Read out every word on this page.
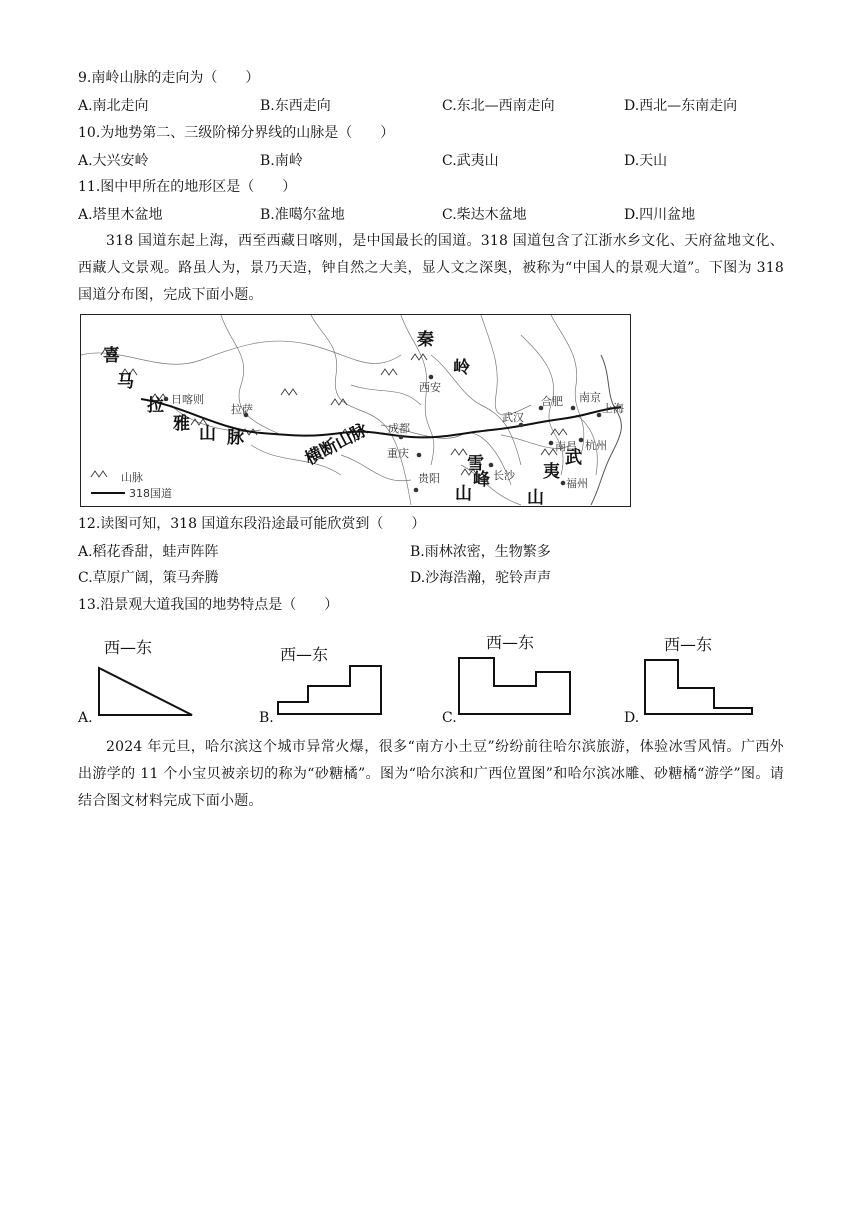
9.南岭山脉的走向为（　　）
A.南北走向	B.东西走向	C.东北—西南走向	D.西北—东南走向
10.为地势第二、三级阶梯分界线的山脉是（　　）
A.大兴安岭	B.南岭	C.武夷山	D.天山
11.图中甲所在的地形区是（　　）
A.塔里木盆地	B.准噶尔盆地	C.柴达木盆地	D.四川盆地
318 国道东起上海，西至西藏日喀则，是中国最长的国道。318 国道包含了江浙水乡文化、天府盆地文化、西藏人文景观。路虽人为，景乃天造，钟自然之大美，显人文之深奥，被称为“中国人的景观大道”。下图为 318 国道分布图，完成下面小题。
日喀则
拉萨
西安
成都
重庆
贵阳
武汉
长沙
南昌
合肥 南京
上海
杭州
福州
喜
马
拉
雅 山 脉
秦
岭
横断山脉	雪
峰
山
武
夷
山
山脉
318国道
12.读图可知，318 国道东段沿途最可能欣赏到（　　）
A.稻花香甜，蛙声阵阵	B.雨林浓密，生物繁多
C.草原广阔，策马奔腾	D.沙海浩瀚，驼铃声声
13.沿景观大道我国的地势特点是（　　）
A.
西—东
B.
西—东
C.
西—东
D.
西—东
2024 年元旦，哈尔滨这个城市异常火爆，很多“南方小土豆”纷纷前往哈尔滨旅游，体验冰雪风情。广西外出游学的 11 个小宝贝被亲切的称为“砂糖橘”。图为“哈尔滨和广西位置图”和哈尔滨冰雕、砂糖橘“游学”图。请结合图文材料完成下面小题。
